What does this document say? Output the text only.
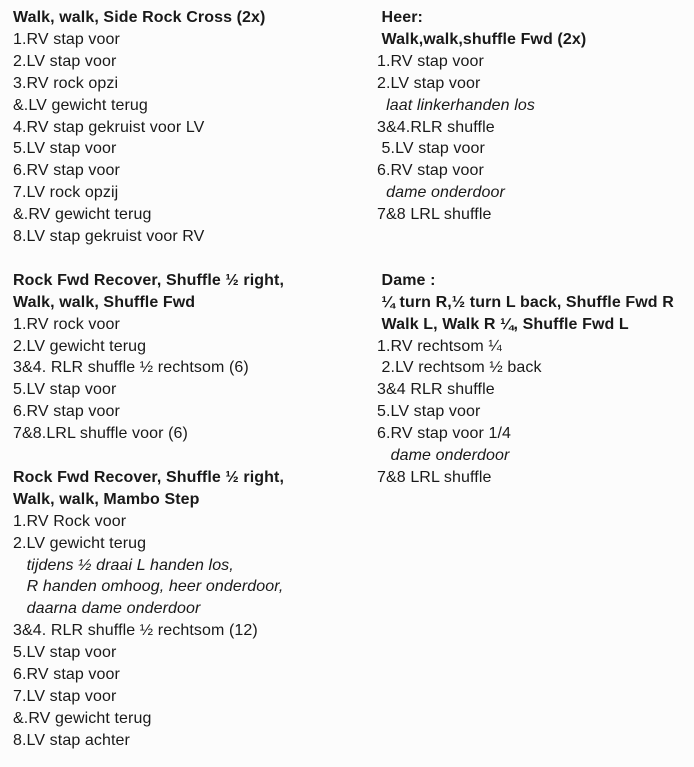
Walk, walk, Side Rock Cross (2x)
1.RV stap voor
2.LV stap voor
3.RV rock opzi
&.LV gewicht terug
4.RV stap gekruist voor LV
5.LV stap voor
6.RV stap voor
7.LV rock opzij
&.RV gewicht terug
8.LV stap gekruist voor RV
Rock Fwd Recover, Shuffle ½ right,
Walk, walk, Shuffle Fwd
1.RV rock voor
2.LV gewicht terug
3&4. RLR shuffle ½ rechtsom (6)
5.LV stap voor
6.RV stap voor
7&8.LRL shuffle voor (6)
Rock Fwd Recover, Shuffle ½ right,
Walk, walk, Mambo Step
1.RV Rock voor
2.LV gewicht terug
tijdens ½ draai L handen los,
R handen omhoog, heer onderdoor,
daarna dame onderdoor
3&4. RLR shuffle ½ rechtsom (12)
5.LV stap voor
6.RV stap voor
7.LV stap voor
&.RV gewicht terug
8.LV stap achter
Heer:
Walk,walk,shuffle Fwd (2x)
1.RV stap voor
2.LV stap voor
laat linkerhanden los
3&4.RLR shuffle
5.LV stap voor
6.RV stap voor
dame onderdoor
7&8 LRL shuffle
Dame :
¼ turn R,½ turn L back, Shuffle Fwd R
Walk L, Walk R ¼, Shuffle Fwd L
1.RV rechtsom ¼
2.LV rechtsom ½ back
3&4 RLR shuffle
5.LV stap voor
6.RV stap voor 1/4
dame onderdoor
7&8 LRL shuffle
